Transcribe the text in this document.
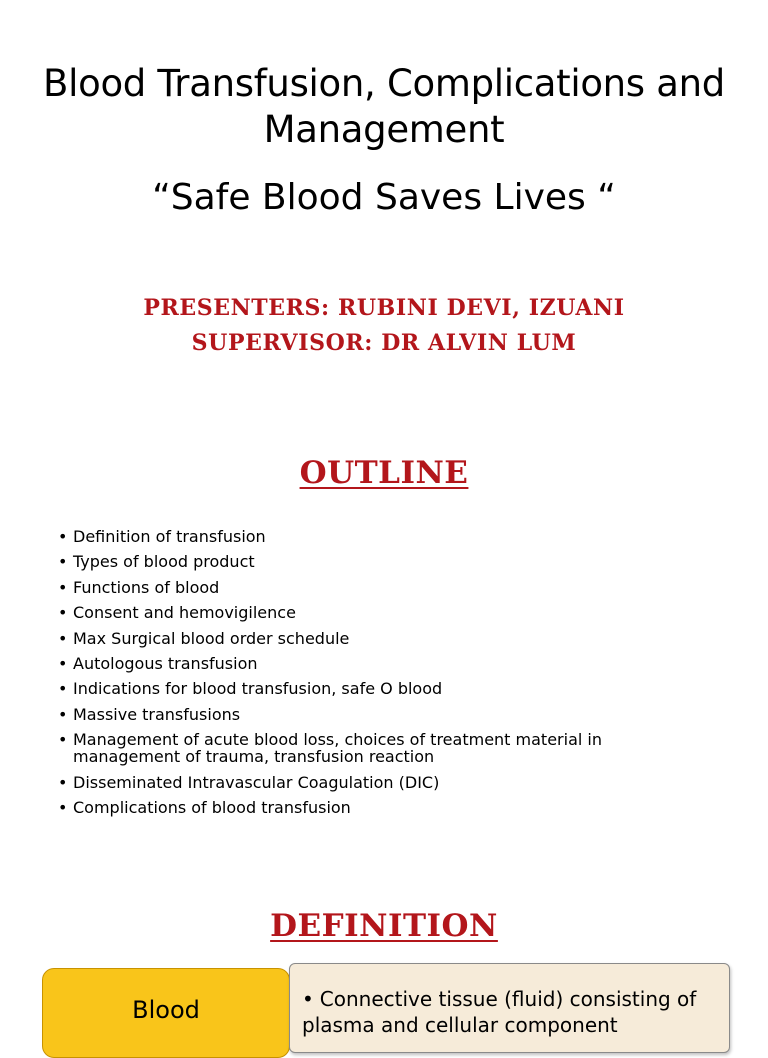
Blood Transfusion, Complications and Management
“Safe Blood Saves Lives “
PRESENTERS: RUBINI DEVI, IZUANI
SUPERVISOR: DR ALVIN LUM
OUTLINE
• Definition of transfusion
• Types of blood product
• Functions of blood
• Consent and hemovigilence
• Max Surgical blood order schedule
• Autologous transfusion
• Indications for blood transfusion, safe O blood
• Massive transfusions
• Management of acute blood loss, choices of treatment material in management of trauma, transfusion reaction
• Disseminated Intravascular Coagulation (DIC)
• Complications of blood transfusion
DEFINITION
Blood	• Connective tissue (fluid) consisting of plasma and cellular component
